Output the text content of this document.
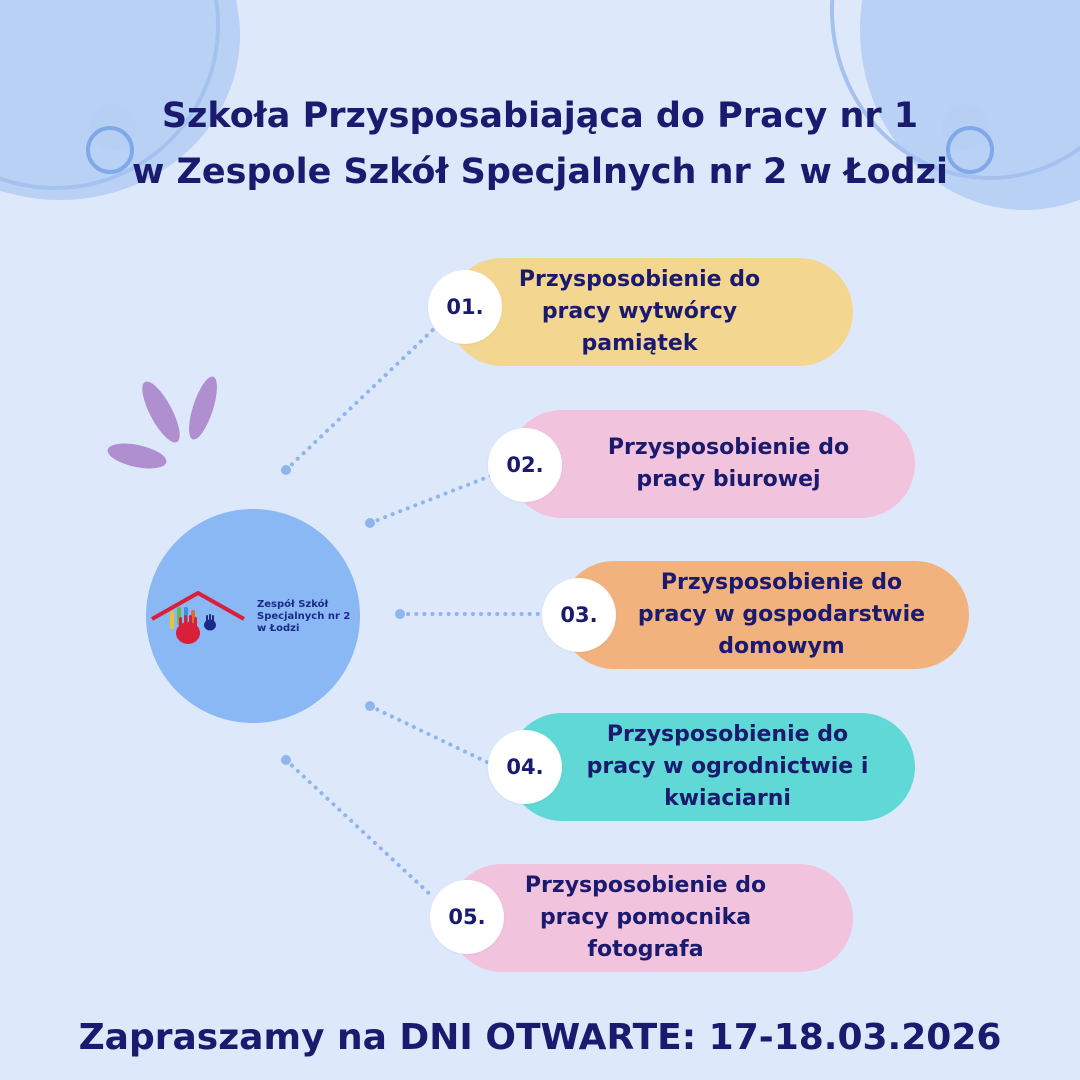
Szkoła Przysposabiająca do Pracy nr 1
w Zespole Szkół Specjalnych nr 2 w Łodzi

Zespół Szkół
Specjalnych nr 2
w Łodzi

Przysposobienie do
pracy wytwórcy
pamiątek
01.
Przysposobienie do
pracy biurowej
02.
Przysposobienie do
pracy w gospodarstwie
domowym
03.
Przysposobienie do
pracy w ogrodnictwie i
kwiaciarni
04.
Przysposobienie do
pracy pomocnika
fotografa
05.

Zapraszamy na DNI OTWARTE: 17-18.03.2026
